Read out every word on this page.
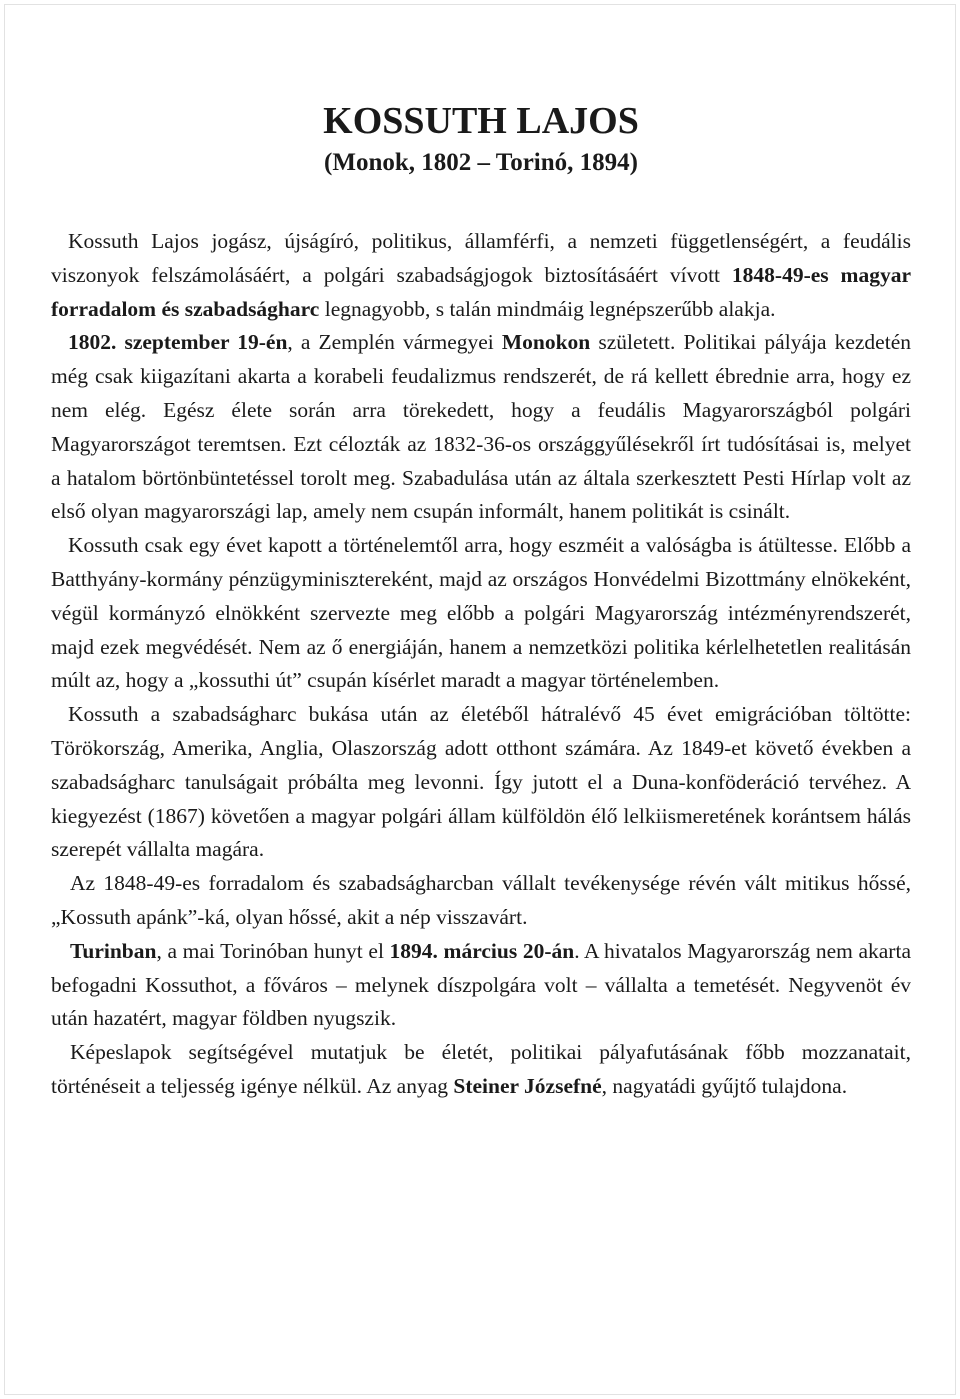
KOSSUTH LAJOS
(Monok, 1802 – Torinó, 1894)

Kossuth Lajos jogász, újságíró, politikus, államférfi, a nemzeti függetlenségért, a feudális viszonyok felszámolásáért, a polgári szabadságjogok biztosításáért vívott 1848-49-es magyar forradalom és szabadságharc legnagyobb, s talán mindmáig legnépszerűbb alakja.

1802. szeptember 19-én, a Zemplén vármegyei Monokon született. Politikai pályája kezdetén még csak kiigazítani akarta a korabeli feudalizmus rendszerét, de rá kellett ébrednie arra, hogy ez nem elég. Egész élete során arra törekedett, hogy a feudális Magyarországból polgári Magyarországot teremtsen. Ezt célozták az 1832-36-os országgyűlésekről írt tudósításai is, melyet a hatalom börtönbüntetéssel torolt meg. Szabadulása után az általa szerkesztett Pesti Hírlap volt az első olyan magyarországi lap, amely nem csupán informált, hanem politikát is csinált.

Kossuth csak egy évet kapott a történelemtől arra, hogy eszméit a valóságba is átültesse. Előbb a Batthyány-kormány pénzügyminisztereként, majd az országos Honvédelmi Bizottmány elnökeként, végül kormányzó elnökként szervezte meg előbb a polgári Magyarország intézményrendszerét, majd ezek megvédését. Nem az ő energiáján, hanem a nemzetközi politika kérlelhetetlen realitásán múlt az, hogy a „kossuthi út” csupán kísérlet maradt a magyar történelemben.

Kossuth a szabadságharc bukása után az életéből hátralévő 45 évet emigrációban töltötte: Törökország, Amerika, Anglia, Olaszország adott otthont számára. Az 1849-et követő években a szabadságharc tanulságait próbálta meg levonni. Így jutott el a Duna-konföderáció tervéhez. A kiegyezést (1867) követően a magyar polgári állam külföldön élő lelkiismeretének korántsem hálás szerepét vállalta magára.

Az 1848-49-es forradalom és szabadságharcban vállalt tevékenysége révén vált mitikus hőssé, „Kossuth apánk”-ká, olyan hőssé, akit a nép visszavárt.

Turinban, a mai Torinóban hunyt el 1894. március 20-án. A hivatalos Magyarország nem akarta befogadni Kossuthot, a főváros – melynek díszpolgára volt – vállalta a temetését. Negyvenöt év után hazatért, magyar földben nyugszik.

Képeslapok segítségével mutatjuk be életét, politikai pályafutásának főbb mozzanatait, történéseit a teljesség igénye nélkül. Az anyag Steiner Józsefné, nagyatádi gyűjtő tulajdona.
